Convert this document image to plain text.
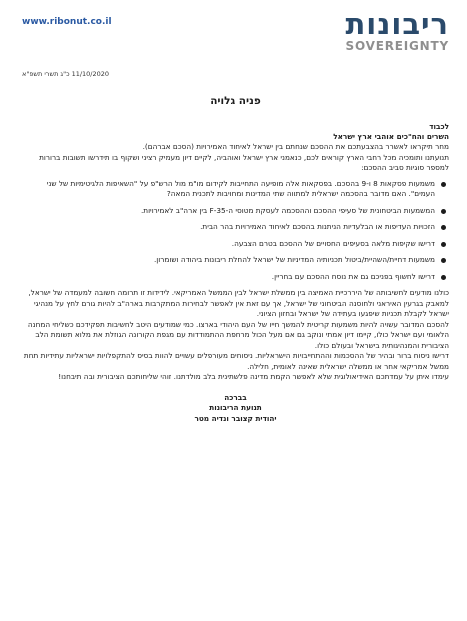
ריבונות
SOVEREIGNTY
www.ribonut.co.il
11/10/2020 כ"ג תשרי תשפ"א

פניה גלויה

לכבוד

השרים והח"כים אוהבי ארץ ישראל

מחר תיקראו לאשרר בהצבעתכם את ההסכם שנחתם בין ישראל לאיחוד האמירויות (הסכם אברהם).

תנועתנו ותומכיה מכל רחבי הארץ קוראים לכם, כנאמני ארץ ישראל ואוהביה, לקיים דיון מעמיק רציני ושקוף בו תידרשו תשובות ברורות למספר סוגיות סביב ההסכם:

משמעות פסקאות 8 ו-9 בהסכם. בפסקאות אלה מופיעה התחייבות לקידום מו"מ מול הרש"פ על "השאיפות הלגיטימיות של שני העמים". האם מדובר בהסכמה ישראלית למתווה שתי המדינות ומחויבות לתכנית המאה?
המשמעות הביטחונית של סעיפי ההסכם וההסכמה לעסקת מטוסי ה-F-35 בין ארה"ב לאמירויות.
הזכויות העדיפות או הבלעדיות הניתנות בהסכם לאיחוד האמירויות בהר הבית.
דרישו שקיפות מלאה בסעיפים החסויים של ההסכם בטרם הצבעה.
משמעות דחיית/השהיית/ביטול תכניותיה המדיניות של ישראל להחלת ריבונות ביהודה ושומרון.
דרישו לחשוף בפניכם גם את נוסח ההסכם עם בחריין.

כולנו מודעים לחשיבותה של היררכיית האמיצה בין ממשלת ישראל לבין הממשל האמריקאי. לידידות זו תרומה חשובה למעמדה של ישראל, למאבק בגרעין האיראני ולחוסנה הביטחוני של ישראל, אך עם זאת אין לאפשר לבחירות המתקרבות בארה"ב להיות גורם לחץ על מנהיגי ישראל לקבלת תכניות שיפגעו בעתידה של ישראל ובחזון הציוני.

להסכם המדובר עשויה להיות משמעות קריטית להמשך חייו של העם היהודי בארצו. כמי שמודעים היטב לחשיבות תפקידכם כשליחי המחנה הלאומי ועם ישראל כולו, קיימו דיון אמתי ונוקב גם אם מעל הכול מרחפת ההתמודדות עם מגפת הקורונה הגוזלת את מלוא תשומת הלב הציבורית והמנהיגותית בישראל ובעולם כולו.

דרישו ניסוח ברור ובהיר של ההסכמות וההתחייבויות הישראליות. ניסוחים מעורפלים עשויים להוות בסיס להתקפלויות ישראליות עתידיות תחת ממשל אמריקאי אחר או ממשלה ישראלית שאינה לאומית, חלילה.

עימדו איתן על עמדתכם האידיאולוגית שלא לאפשר הקמת מדינה פלשתינית בלב מולדתנו. זוהי שליחותכם הציבורית ובה תיבחנו!

בברכה

תנועת הריבונות

יהודית קצובר ונדיה מטר
